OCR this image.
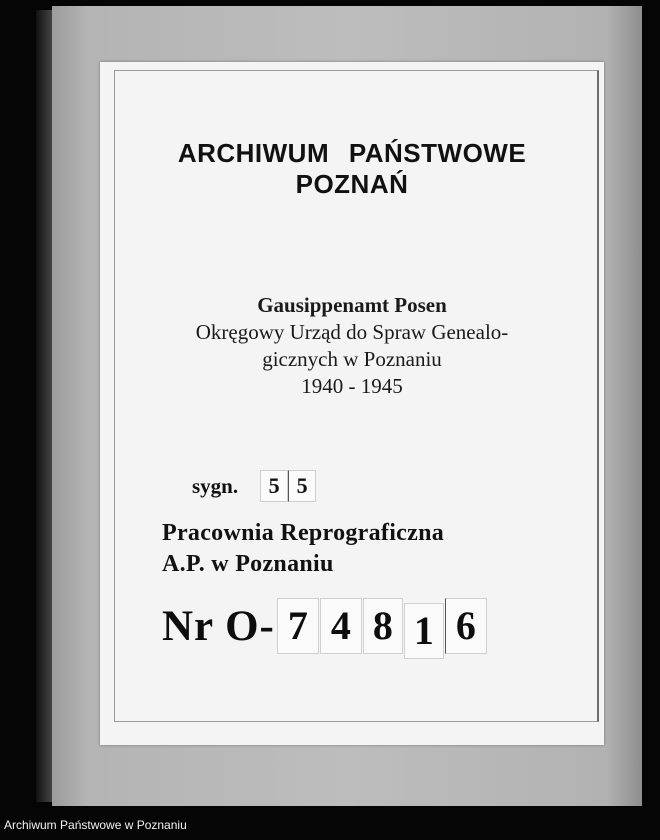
ARCHIWUM PAŃSTWOWE
POZNAŃ
Gausippenamt Posen
Okręgowy Urząd do Spraw Genealo-
gicznych w Poznaniu
1940 - 1945
sygn.	5 5
Pracownia Reprograficzna
A.P. w Poznaniu
Nr O- 7 4 8 1 6
Archiwum Państwowe w Poznaniu
